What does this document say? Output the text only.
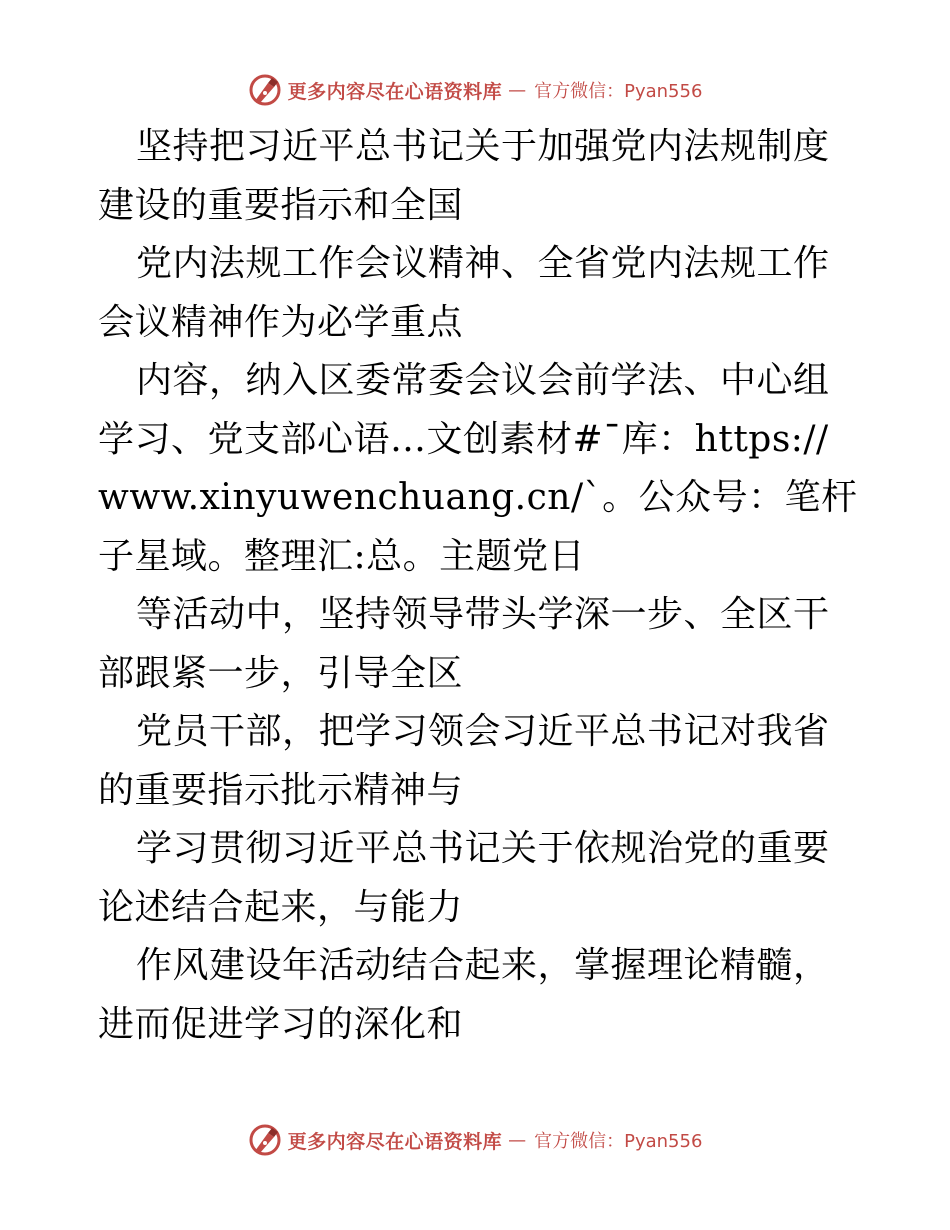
更多内容尽在心语资料库 — 官方微信：Pyan556

坚持把习近平总书记关于加强党内法规制度建设的重要指示和全国

党内法规工作会议精神、全省党内法规工作会议精神作为必学重点

内容，纳入区委常委会议会前学法、中心组学习、党支部心语…文创素材#¯库：https://www.xinyuwenchuang.cn/`。公众号：笔杆子星域。整理汇:总。主题党日

等活动中，坚持领导带头学深一步、全区干部跟紧一步，引导全区

党员干部，把学习领会习近平总书记对我省的重要指示批示精神与

学习贯彻习近平总书记关于依规治党的重要论述结合起来，与能力

作风建设年活动结合起来，掌握理论精髓，进而促进学习的深化和

更多内容尽在心语资料库 — 官方微信：Pyan556
